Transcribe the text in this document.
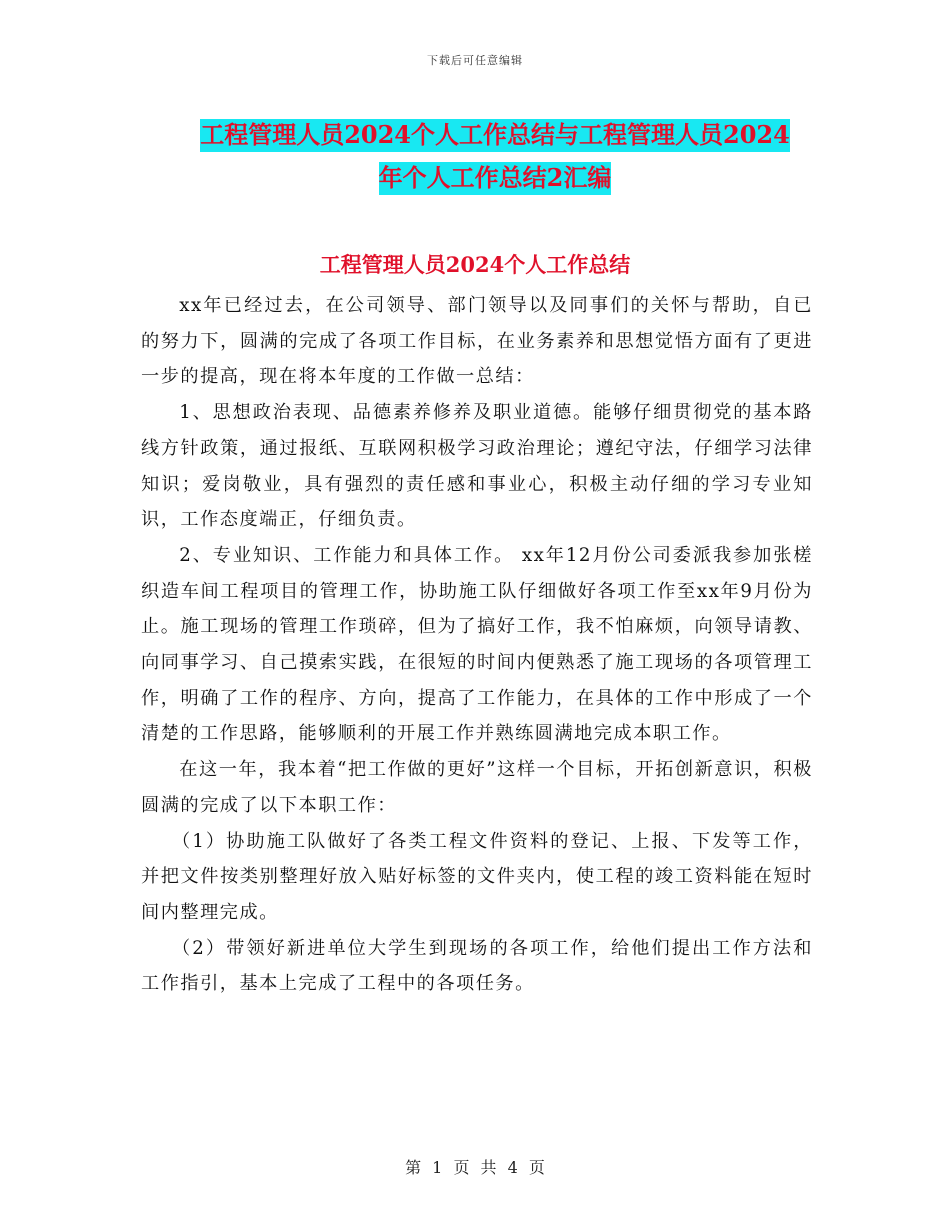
下载后可任意编辑
工程管理人员2024个人工作总结与工程管理人员2024
年个人工作总结2汇编
工程管理人员2024个人工作总结

xx年已经过去，在公司领导、部门领导以及同事们的关怀与帮助，自已的努力下，圆满的完成了各项工作目标，在业务素养和思想觉悟方面有了更进一步的提高，现在将本年度的工作做一总结：

1、思想政治表现、品德素养修养及职业道德。能够仔细贯彻党的基本路线方针政策，通过报纸、互联网积极学习政治理论；遵纪守法，仔细学习法律知识；爱岗敬业，具有强烈的责任感和事业心，积极主动仔细的学习专业知识，工作态度端正，仔细负责。

2、专业知识、工作能力和具体工作。 xx年12月份公司委派我参加张槎织造车间工程项目的管理工作，协助施工队仔细做好各项工作至xx年9月份为止。施工现场的管理工作琐碎，但为了搞好工作，我不怕麻烦，向领导请教、向同事学习、自己摸索实践，在很短的时间内便熟悉了施工现场的各项管理工作，明确了工作的程序、方向，提高了工作能力，在具体的工作中形成了一个清楚的工作思路，能够顺利的开展工作并熟练圆满地完成本职工作。

在这一年，我本着“把工作做的更好”这样一个目标，开拓创新意识，积极圆满的完成了以下本职工作：

（1）协助施工队做好了各类工程文件资料的登记、上报、下发等工作，并把文件按类别整理好放入贴好标签的文件夹内，使工程的竣工资料能在短时间内整理完成。

（2）带领好新进单位大学生到现场的各项工作，给他们提出工作方法和工作指引，基本上完成了工程中的各项任务。

第 1 页 共 4 页
